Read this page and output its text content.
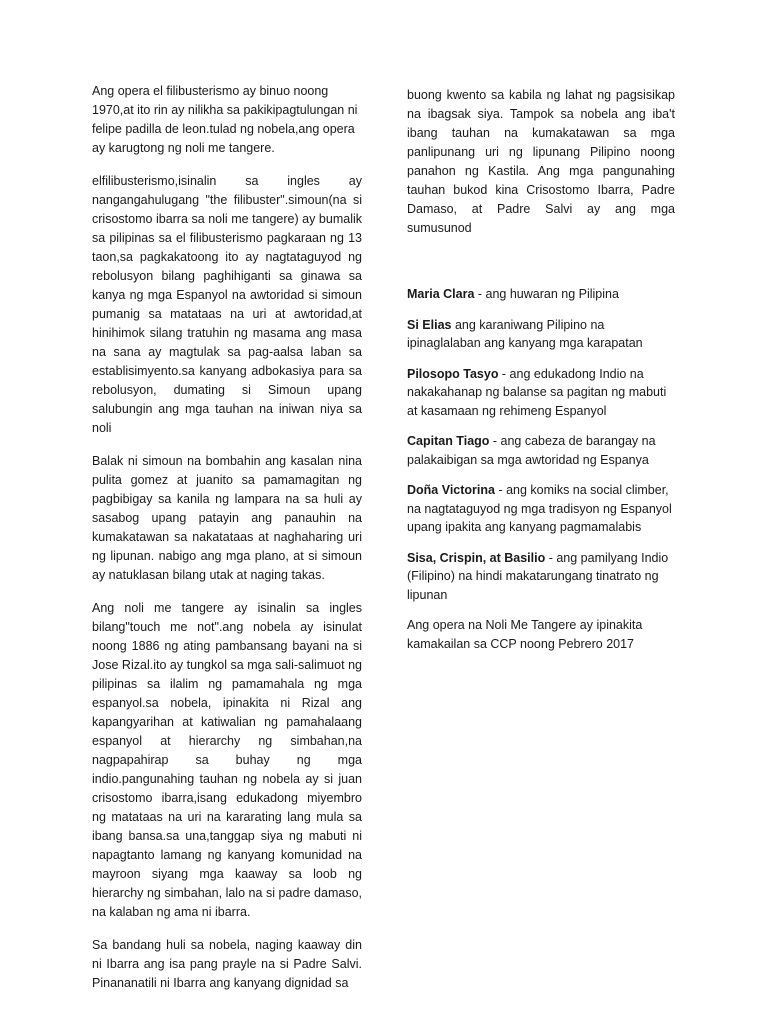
Ang opera el filibusterismo ay binuo noong 1970,at ito rin ay nilikha sa pakikipagtulungan ni felipe padilla de leon.tulad ng nobela,ang opera ay karugtong ng noli me tangere.

elfilibusterismo,isinalin sa ingles ay nangangahulugang "the filibuster".simoun(na si crisostomo ibarra sa noli me tangere) ay bumalik sa pilipinas sa el filibusterismo pagkaraan ng 13 taon,sa pagkakatoong ito ay nagtataguyod ng rebolusyon bilang paghihiganti sa ginawa sa kanya ng mga Espanyol na awtoridad si simoun pumanig sa matataas na uri at awtoridad,at hinihimok silang tratuhin ng masama ang masa na sana ay magtulak sa pag-aalsa laban sa establisimyento.sa kanyang adbokasiya para sa rebolusyon, dumating si Simoun upang salubungin ang mga tauhan na iniwan niya sa noli

Balak ni simoun na bombahin ang kasalan nina pulita gomez at juanito sa pamamagitan ng pagbibigay sa kanila ng lampara na sa huli ay sasabog upang patayin ang panauhin na kumakatawan sa nakatataas at naghaharing uri ng lipunan. nabigo ang mga plano, at si simoun ay natuklasan bilang utak at naging takas.

Ang noli me tangere ay isinalin sa ingles bilang"touch me not".ang nobela ay isinulat noong 1886 ng ating pambansang bayani na si Jose Rizal.ito ay tungkol sa mga sali-salimuot ng pilipinas sa ilalim ng pamamahala ng mga espanyol.sa nobela, ipinakita ni Rizal ang kapangyarihan at katiwalian ng pamahalaang espanyol at hierarchy ng simbahan,na nagpapahirap sa buhay ng mga indio.pangunahing tauhan ng nobela ay si juan crisostomo ibarra,isang edukadong miyembro ng matataas na uri na kararating lang mula sa ibang bansa.sa una,tanggap siya ng mabuti ni napagtanto lamang ng kanyang komunidad na mayroon siyang mga kaaway sa loob ng hierarchy ng simbahan, lalo na si padre damaso, na kalaban ng ama ni ibarra.

Sa bandang huli sa nobela, naging kaaway din ni Ibarra ang isa pang prayle na si Padre Salvi. Pinananatili ni Ibarra ang kanyang dignidad sa

buong kwento sa kabila ng lahat ng pagsisikap na ibagsak siya. Tampok sa nobela ang iba't ibang tauhan na kumakatawan sa mga panlipunang uri ng lipunang Pilipino noong panahon ng Kastila. Ang mga pangunahing tauhan bukod kina Crisostomo Ibarra, Padre Damaso, at Padre Salvi ay ang mga sumusunod

Maria Clara - ang huwaran ng Pilipina

Si Elias ang karaniwang Pilipino na ipinaglalaban ang kanyang mga karapatan

Pilosopo Tasyo - ang edukadong Indio na nakakahanap ng balanse sa pagitan ng mabuti at kasamaan ng rehimeng Espanyol

Capitan Tiago - ang cabeza de barangay na palakaibigan sa mga awtoridad ng Espanya

Doña Victorina - ang komiks na social climber, na nagtataguyod ng mga tradisyon ng Espanyol upang ipakita ang kanyang pagmamalabis

Sisa, Crispin, at Basilio - ang pamilyang Indio (Filipino) na hindi makatarungang tinatrato ng lipunan

Ang opera na Noli Me Tangere ay ipinakita kamakailan sa CCP noong Pebrero 2017
